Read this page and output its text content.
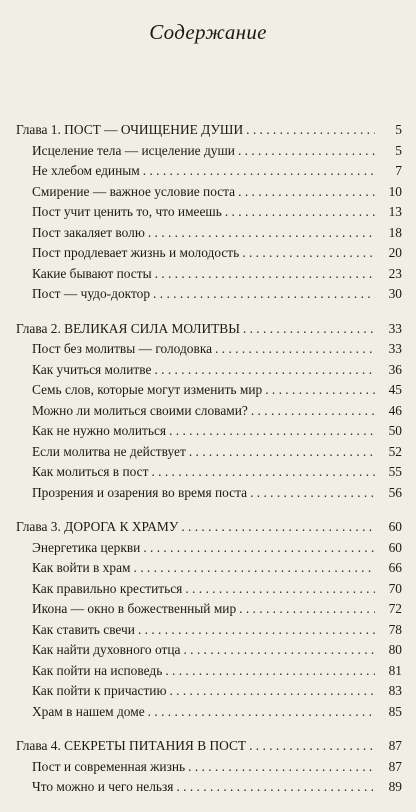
Содержание
Глава 1. ПОСТ — ОЧИЩЕНИЕ ДУШИ . . .	5
Исцеление тела — исцеление души . . .	5
Не хлебом единым . . .	7
Смирение — важное условие поста . . .	10
Пост учит ценить то, что имеешь . . .	13
Пост закаляет волю . . .	18
Пост продлевает жизнь и молодость . . .	20
Какие бывают посты . . .	23
Пост — чудо-доктор . . .	30
Глава 2. ВЕЛИКАЯ СИЛА МОЛИТВЫ . . .	33
Пост без молитвы — голодовка . . .	33
Как учиться молитве . . .	36
Семь слов, которые могут изменить мир . . .	45
Можно ли молиться своими словами? . . .	46
Как не нужно молиться . . .	50
Если молитва не действует . . .	52
Как молиться в пост . . .	55
Прозрения и озарения во время поста . . .	56
Глава 3. ДОРОГА К ХРАМУ . . .	60
Энергетика церкви . . .	60
Как войти в храм . . .	66
Как правильно креститься . . .	70
Икона — окно в божественный мир . . .	72
Как ставить свечи . . .	78
Как найти духовного отца . . .	80
Как пойти на исповедь . . .	81
Как пойти к причастию . . .	83
Храм в нашем доме . . .	85
Глава 4. СЕКРЕТЫ ПИТАНИЯ В ПОСТ . . .	87
Пост и современная жизнь . . .	87
Что можно и чего нельзя . . .	89
